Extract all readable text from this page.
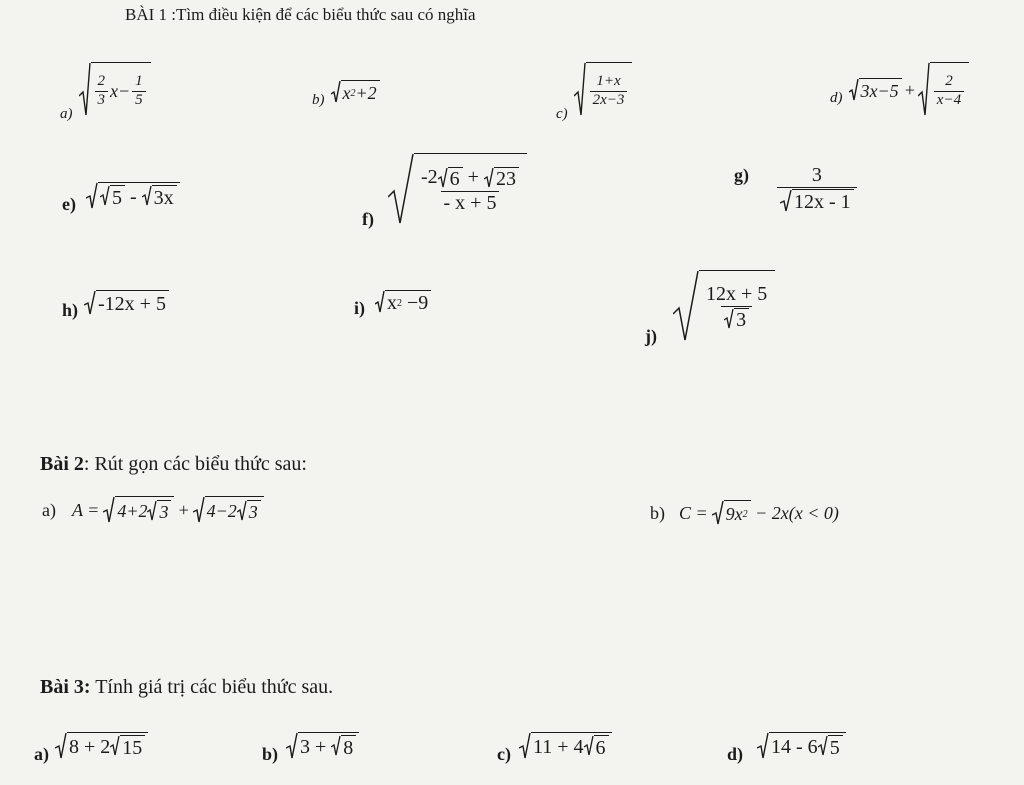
BÀI 1 :Tìm điều kiện để các biểu thức sau có nghĩa
a)
$\frac{2}{3}$ $x - \frac{1}{5}$	b) x 2 +2
c)
$\frac{1+x}{2x-3}$	d) $3x-5 + \frac{2}{x-4}$
e) 5 - 3x
f)
$\frac{-2 6 + 23}{- x + 5}$	$g) \frac{3}{12x - 1}$
h) -12x + 5	i) x 2 −9
j)
$\frac{12x + 5}{3}$
Bài 2: Rút gọn các biểu thức sau:
a) A = 4+2 3 + 4−2 3	b) C = 9x 2 − 2x(x < 0)
Bài 3: Tính giá trị các biểu thức sau.
a) 8 + 2 15	b) 3 + 8	c) 11 + 4 6	d) 14 - 6 5
